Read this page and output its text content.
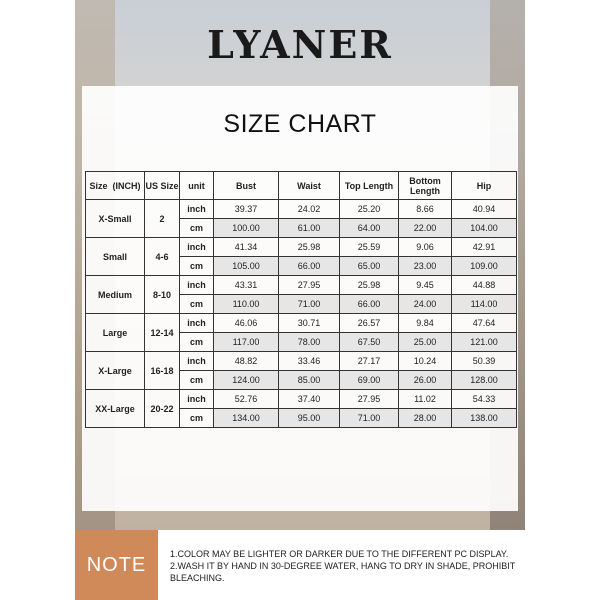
LYANER
SIZE CHART
Size  (INCH)	US Size	unit	Bust	Waist	Top Length	Bottom Length	Hip
X-Small	2	inch	39.37	24.02	25.20	8.66	40.94
		cm	100.00	61.00	64.00	22.00	104.00
Small	4-6	inch	41.34	25.98	25.59	9.06	42.91
		cm	105.00	66.00	65.00	23.00	109.00
Medium	8-10	inch	43.31	27.95	25.98	9.45	44.88
		cm	110.00	71.00	66.00	24.00	114.00
Large	12-14	inch	46.06	30.71	26.57	9.84	47.64
		cm	117.00	78.00	67.50	25.00	121.00
X-Large	16-18	inch	48.82	33.46	27.17	10.24	50.39
		cm	124.00	85.00	69.00	26.00	128.00
XX-Large	20-22	inch	52.76	37.40	27.95	11.02	54.33
		cm	134.00	95.00	71.00	28.00	138.00
NOTE	1.COLOR MAY BE LIGHTER OR DARKER DUE TO THE DIFFERENT PC DISPLAY.
2.WASH IT BY HAND IN 30-DEGREE WATER, HANG TO DRY IN SHADE, PROHIBIT BLEACHING.
